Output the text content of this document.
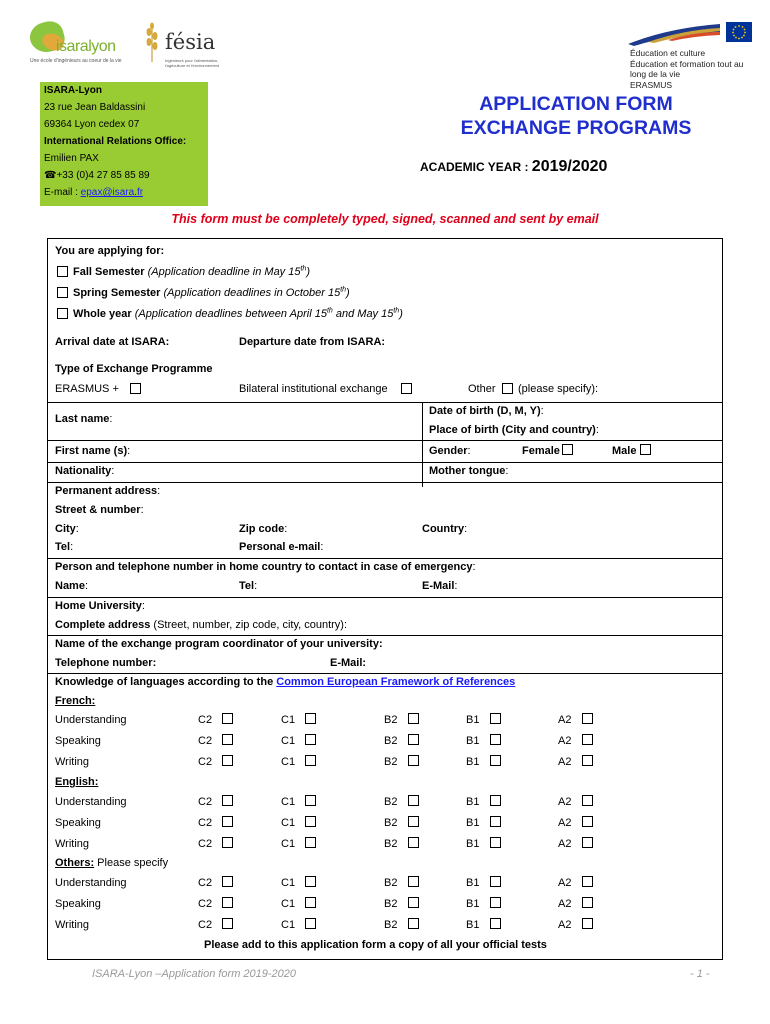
isaralyon
Une école d'ingénieurs au coeur de la vie
fésia
Ingénieurs pour l'alimentation, l'agriculture et l'environnement
Éducation et culture
Éducation et formation tout au
long de la vie
ERASMUS
ISARA-Lyon
23 rue Jean Baldassini
69364 Lyon cedex 07
International Relations Office:
Emilien PAX
☎+33 (0)4 27 85 85 89
E-mail : epax@isara.fr
APPLICATION FORM
EXCHANGE PROGRAMS
ACADEMIC YEAR : 2019/2020
This form must be completely typed, signed, scanned and sent by email
You are applying for:
Fall Semester (Application deadline in May 15th)
Spring Semester (Application deadlines in October 15th)
Whole year (Application deadlines between April 15th and May 15th)
Arrival date at ISARA:	Departure date from ISARA:
Type of Exchange Programme
ERASMUS +	Bilateral institutional exchange	Other (please specify):
Last name:
Date of birth (D, M, Y):
Place of birth (City and country):
First name (s):	Gender:	Female	Male
Nationality:	Mother tongue:
Permanent address:
Street & number:
City:	Zip code:	Country:
Tel:	Personal e-mail:
Person and telephone number in home country to contact in case of emergency:
Name:	Tel:	E-Mail:
Home University:
Complete address (Street, number, zip code, city, country):
Name of the exchange program coordinator of your university:
Telephone number:	E-Mail:
Knowledge of languages according to the Common European Framework of References
French:
Understanding	C2	C1	B2	B1	A2
Speaking	C2	C1	B2	B1	A2
Writing	C2	C1	B2	B1	A2
English:
Understanding	C2	C1	B2	B1	A2
Speaking	C2	C1	B2	B1	A2
Writing	C2	C1	B2	B1	A2
Others: Please specify
Understanding	C2	C1	B2	B1	A2
Speaking	C2	C1	B2	B1	A2
Writing	C2	C1	B2	B1	A2
Please add to this application form a copy of all your official tests
ISARA-Lyon –Application form 2019-2020	- 1 -
